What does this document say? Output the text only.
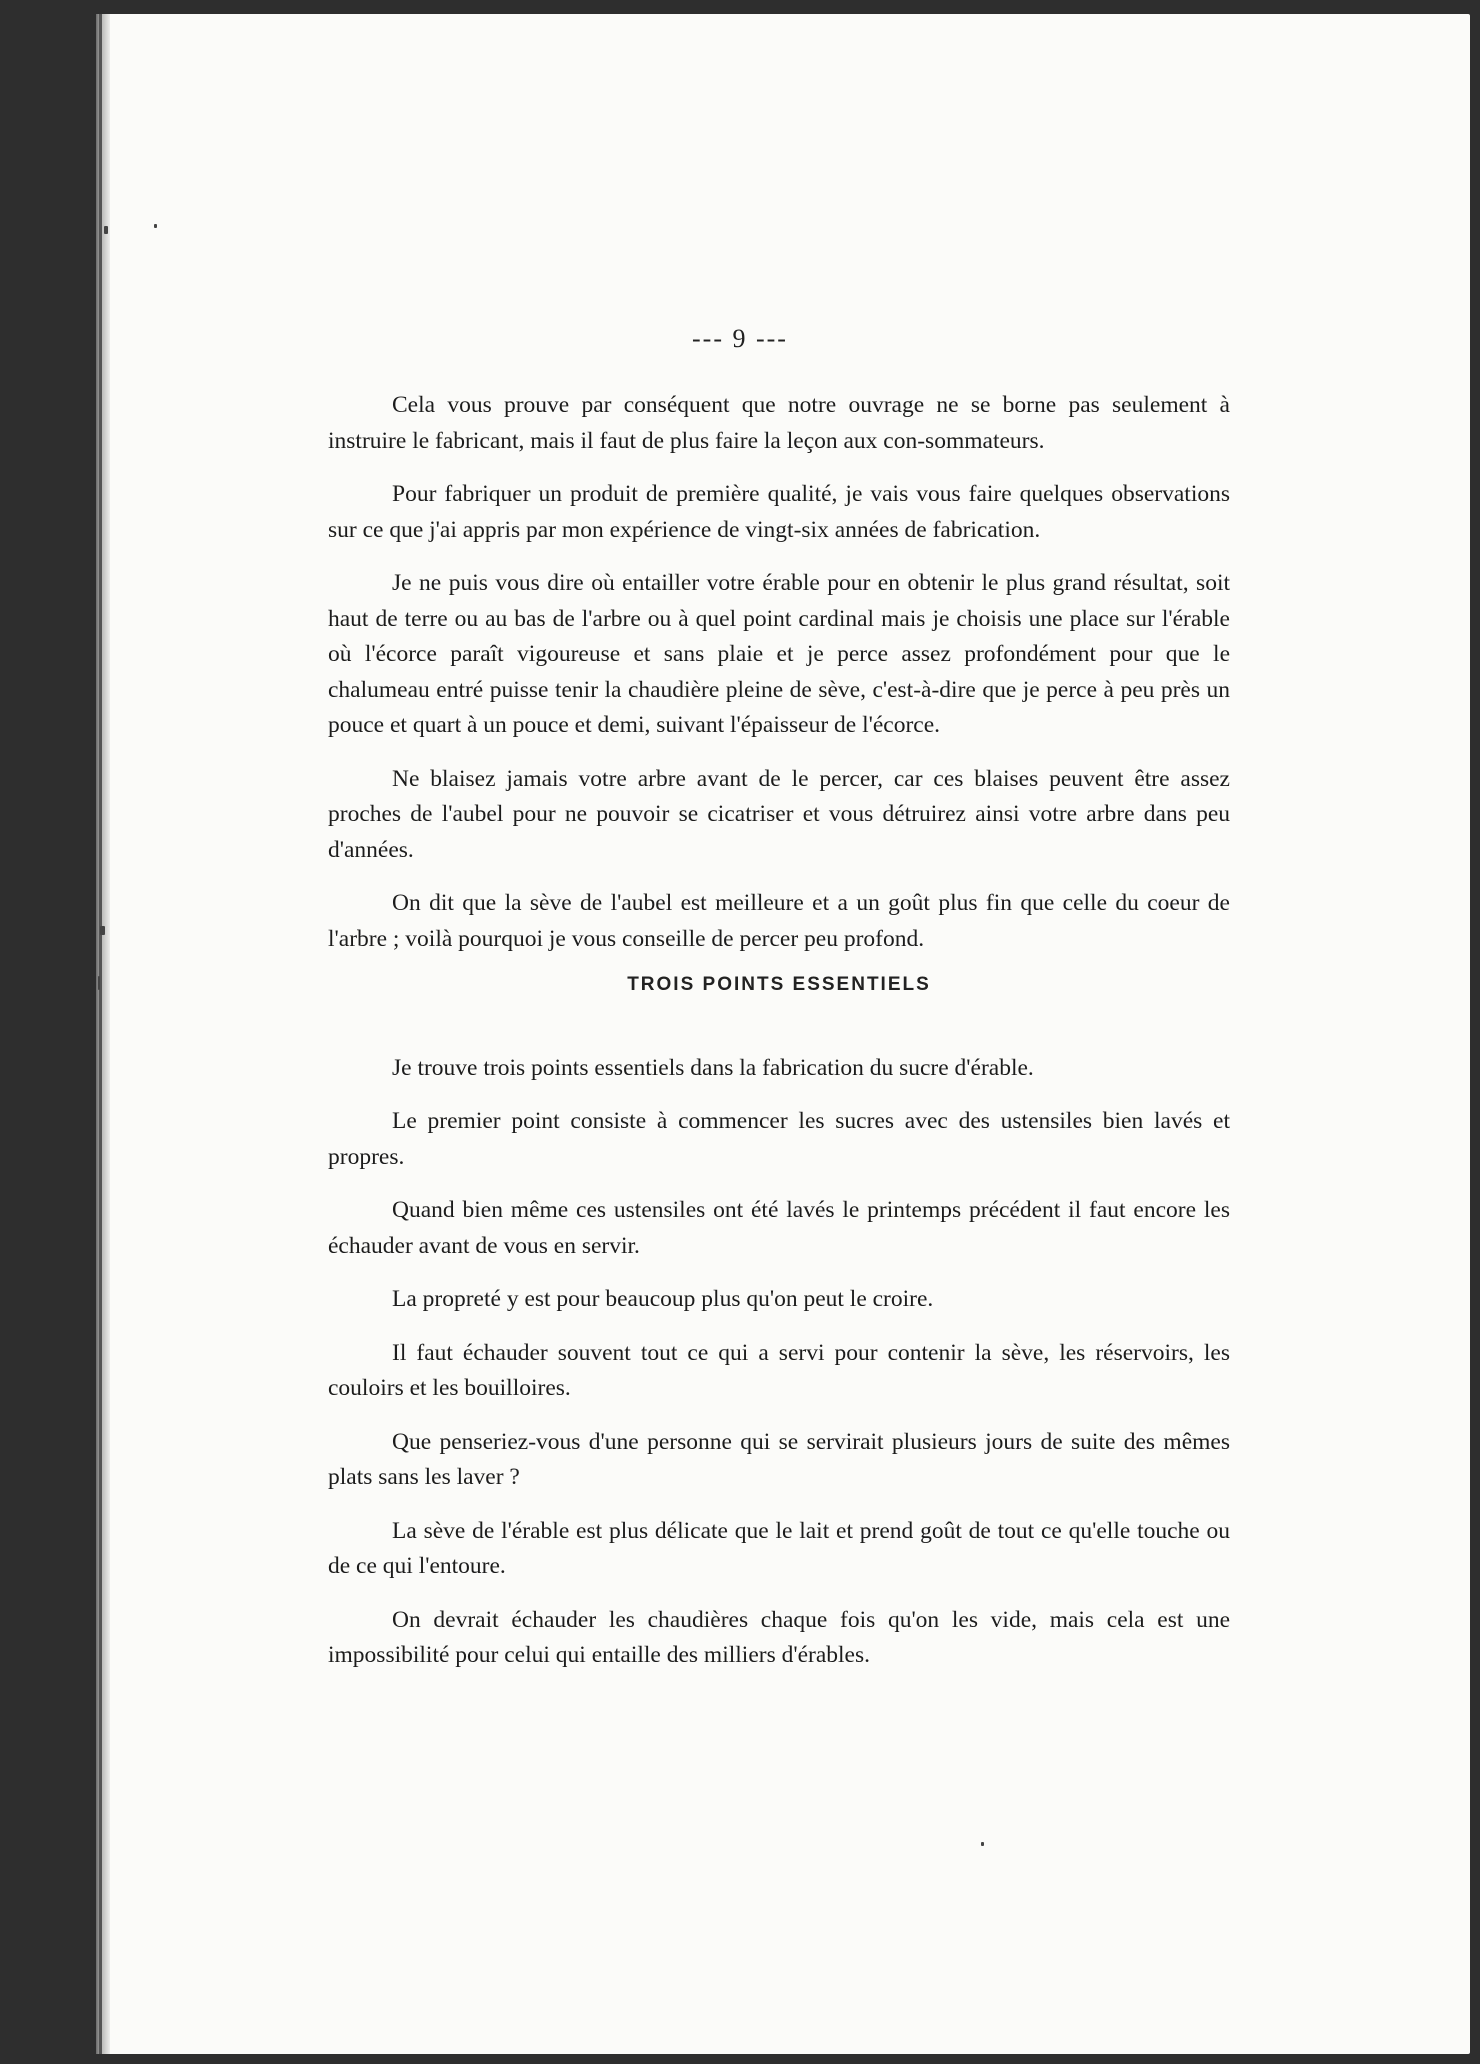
--- 9 ---

Cela vous prouve par conséquent que notre ouvrage ne se borne pas seulement à instruire le fabricant, mais il faut de plus faire la leçon aux con-sommateurs.

Pour fabriquer un produit de première qualité, je vais vous faire quelques observations sur ce que j'ai appris par mon expérience de vingt-six années de fabrication.

Je ne puis vous dire où entailler votre érable pour en obtenir le plus grand résultat, soit haut de terre ou au bas de l'arbre ou à quel point cardinal mais je choisis une place sur l'érable où l'écorce paraît vigoureuse et sans plaie et je perce assez profondément pour que le chalumeau entré puisse tenir la chaudière pleine de sève, c'est-à-dire que je perce à peu près un pouce et quart à un pouce et demi, suivant l'épaisseur de l'écorce.

Ne blaisez jamais votre arbre avant de le percer, car ces blaises peuvent être assez proches de l'aubel pour ne pouvoir se cicatriser et vous détruirez ainsi votre arbre dans peu d'années.

On dit que la sève de l'aubel est meilleure et a un goût plus fin que celle du coeur de l'arbre ; voilà pourquoi je vous conseille de percer peu profond.

TROIS POINTS ESSENTIELS

Je trouve trois points essentiels dans la fabrication du sucre d'érable.

Le premier point consiste à commencer les sucres avec des ustensiles bien lavés et propres.

Quand bien même ces ustensiles ont été lavés le printemps précédent il faut encore les échauder avant de vous en servir.

La propreté y est pour beaucoup plus qu'on peut le croire.

Il faut échauder souvent tout ce qui a servi pour contenir la sève, les réservoirs, les couloirs et les bouilloires.

Que penseriez-vous d'une personne qui se servirait plusieurs jours de suite des mêmes plats sans les laver ?

La sève de l'érable est plus délicate que le lait et prend goût de tout ce qu'elle touche ou de ce qui l'entoure.

On devrait échauder les chaudières chaque fois qu'on les vide, mais cela est une impossibilité pour celui qui entaille des milliers d'érables.
